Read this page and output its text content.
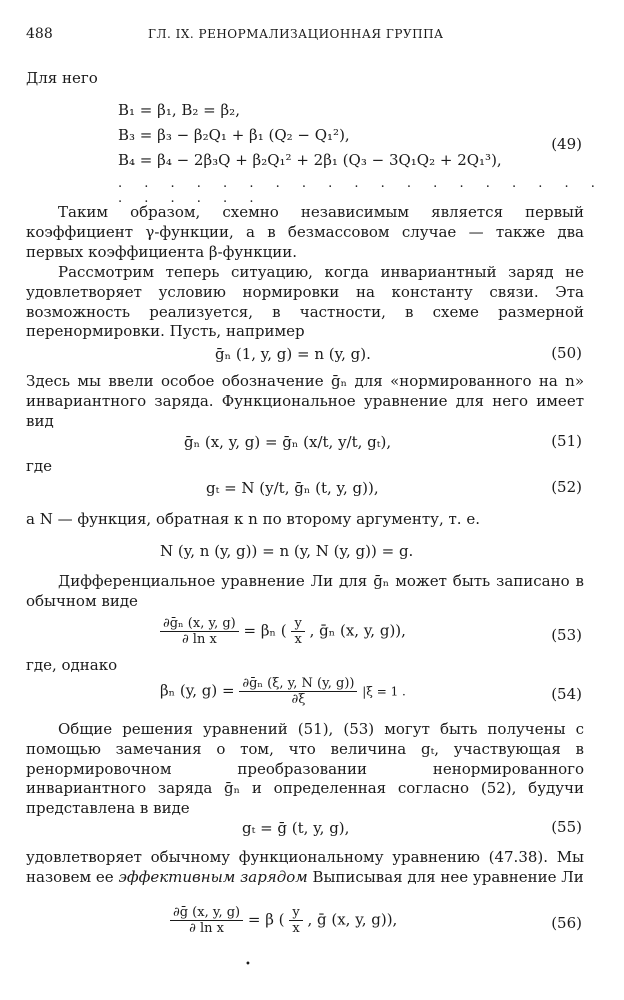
488	ГЛ. IX. РЕНОРМАЛИЗАЦИОННАЯ ГРУППА
Для него
B₁ = β₁, B₂ = β₂,
B₃ = β₃ − β₂Q₁ + β₁ (Q₂ − Q₁²),
B₄ = β₄ − 2β₃Q + β₂Q₁² + 2β₁ (Q₃ − 3Q₁Q₂ + 2Q₁³),
. . . . . . . . . . . . . . . . . . . . . . . . .
(49)
Таким образом, схемно независимым является первый коэффициент γ-функции, а в безмассовом случае — также два первых коэффициента β-функции.
Рассмотрим теперь ситуацию, когда инвариантный заряд не удовлетворяет условию нормировки на константу связи. Эта возможность реализуется, в частности, в схеме размерной перенормировки. Пусть, например
ḡₙ (1, y, g) = n (y, g).	(50)
Здесь мы ввели особое обозначение ḡₙ для «нормированного на n» инвариантного заряда. Функциональное уравнение для него имеет вид
ḡₙ (x, y, g) = ḡₙ (x/t, y/t, gₜ),	(51)
где
gₜ = N (y/t, ḡₙ (t, y, g)),	(52)
а N — функция, обратная к n по второму аргументу, т. е.
N (y, n (y, g)) = n (y, N (y, g)) = g.
Дифференциальное уравнение Ли для ḡₙ может быть записано в обычном виде
$\frac{\text{∂ḡₙ (x, y, g)}}{\text{∂ ln x}} = \beta_n$ ( $\frac{y}{x}$ , ḡₙ (x, y, g)),	(53)
где, однако
βₙ (y, $g) = \frac{\text{∂ḡₙ (ξ, y, N (y, g))}}{\partial\xi} |\xi = 1$ .	(54)
Общие решения уравнений (51), (53) могут быть получены с помощью замечания о том, что величина gₜ, участвующая в ренормировочном преобразовании ненормированного инвариантного заряда ḡₙ и определенная согласно (52), будучи представлена в виде
gₜ = ḡ (t, y, g),	(55)
удовлетворяет обычному функциональному уравнению (47.38). Мы назовем ее эффективным зарядом Выписывая для нее уравнение Ли
$\frac{\text{∂ḡ (x, y, g)}}{\text{∂ ln x}} = \beta$ ( $\frac{y}{x}$ , ḡ (x, y, g)),	(56)
•
